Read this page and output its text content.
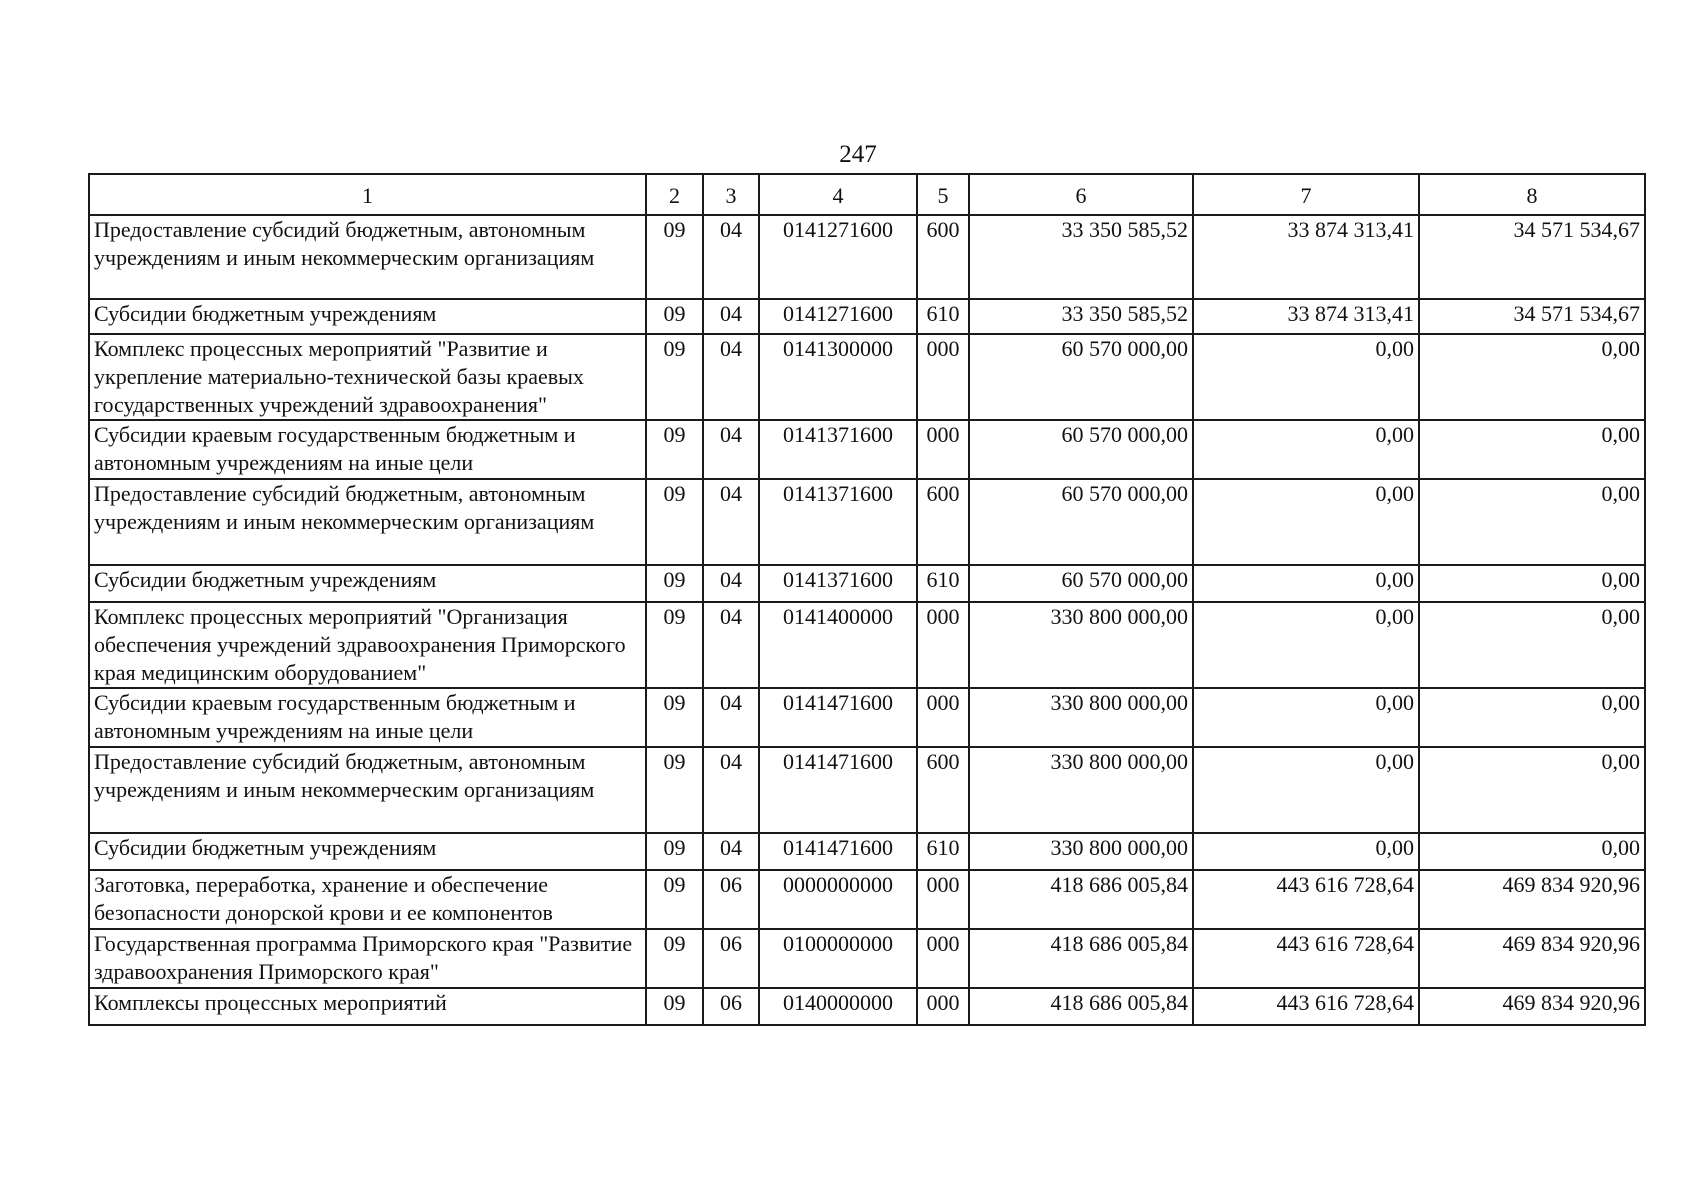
247
1	2	3	4	5	6	7	8
Предоставление субсидий бюджетным, автономным учреждениям и иным некоммерческим организациям	09	04	0141271600	600	33 350 585,52	33 874 313,41	34 571 534,67
Субсидии бюджетным учреждениям	09	04	0141271600	610	33 350 585,52	33 874 313,41	34 571 534,67
Комплекс процессных мероприятий "Развитие и укрепление материально-технической базы краевых государственных учреждений здравоохранения"	09	04	0141300000	000	60 570 000,00	0,00	0,00
Субсидии краевым государственным бюджетным и автономным учреждениям на иные цели	09	04	0141371600	000	60 570 000,00	0,00	0,00
Предоставление субсидий бюджетным, автономным учреждениям и иным некоммерческим организациям	09	04	0141371600	600	60 570 000,00	0,00	0,00
Субсидии бюджетным учреждениям	09	04	0141371600	610	60 570 000,00	0,00	0,00
Комплекс процессных мероприятий "Организация обеспечения учреждений здравоохранения Приморского края медицинским оборудованием"	09	04	0141400000	000	330 800 000,00	0,00	0,00
Субсидии краевым государственным бюджетным и автономным учреждениям на иные цели	09	04	0141471600	000	330 800 000,00	0,00	0,00
Предоставление субсидий бюджетным, автономным учреждениям и иным некоммерческим организациям	09	04	0141471600	600	330 800 000,00	0,00	0,00
Субсидии бюджетным учреждениям	09	04	0141471600	610	330 800 000,00	0,00	0,00
Заготовка, переработка, хранение и обеспечение безопасности донорской крови и ее компонентов	09	06	0000000000	000	418 686 005,84	443 616 728,64	469 834 920,96
Государственная программа Приморского края "Развитие здравоохранения Приморского края"	09	06	0100000000	000	418 686 005,84	443 616 728,64	469 834 920,96
Комплексы процессных мероприятий	09	06	0140000000	000	418 686 005,84	443 616 728,64	469 834 920,96
